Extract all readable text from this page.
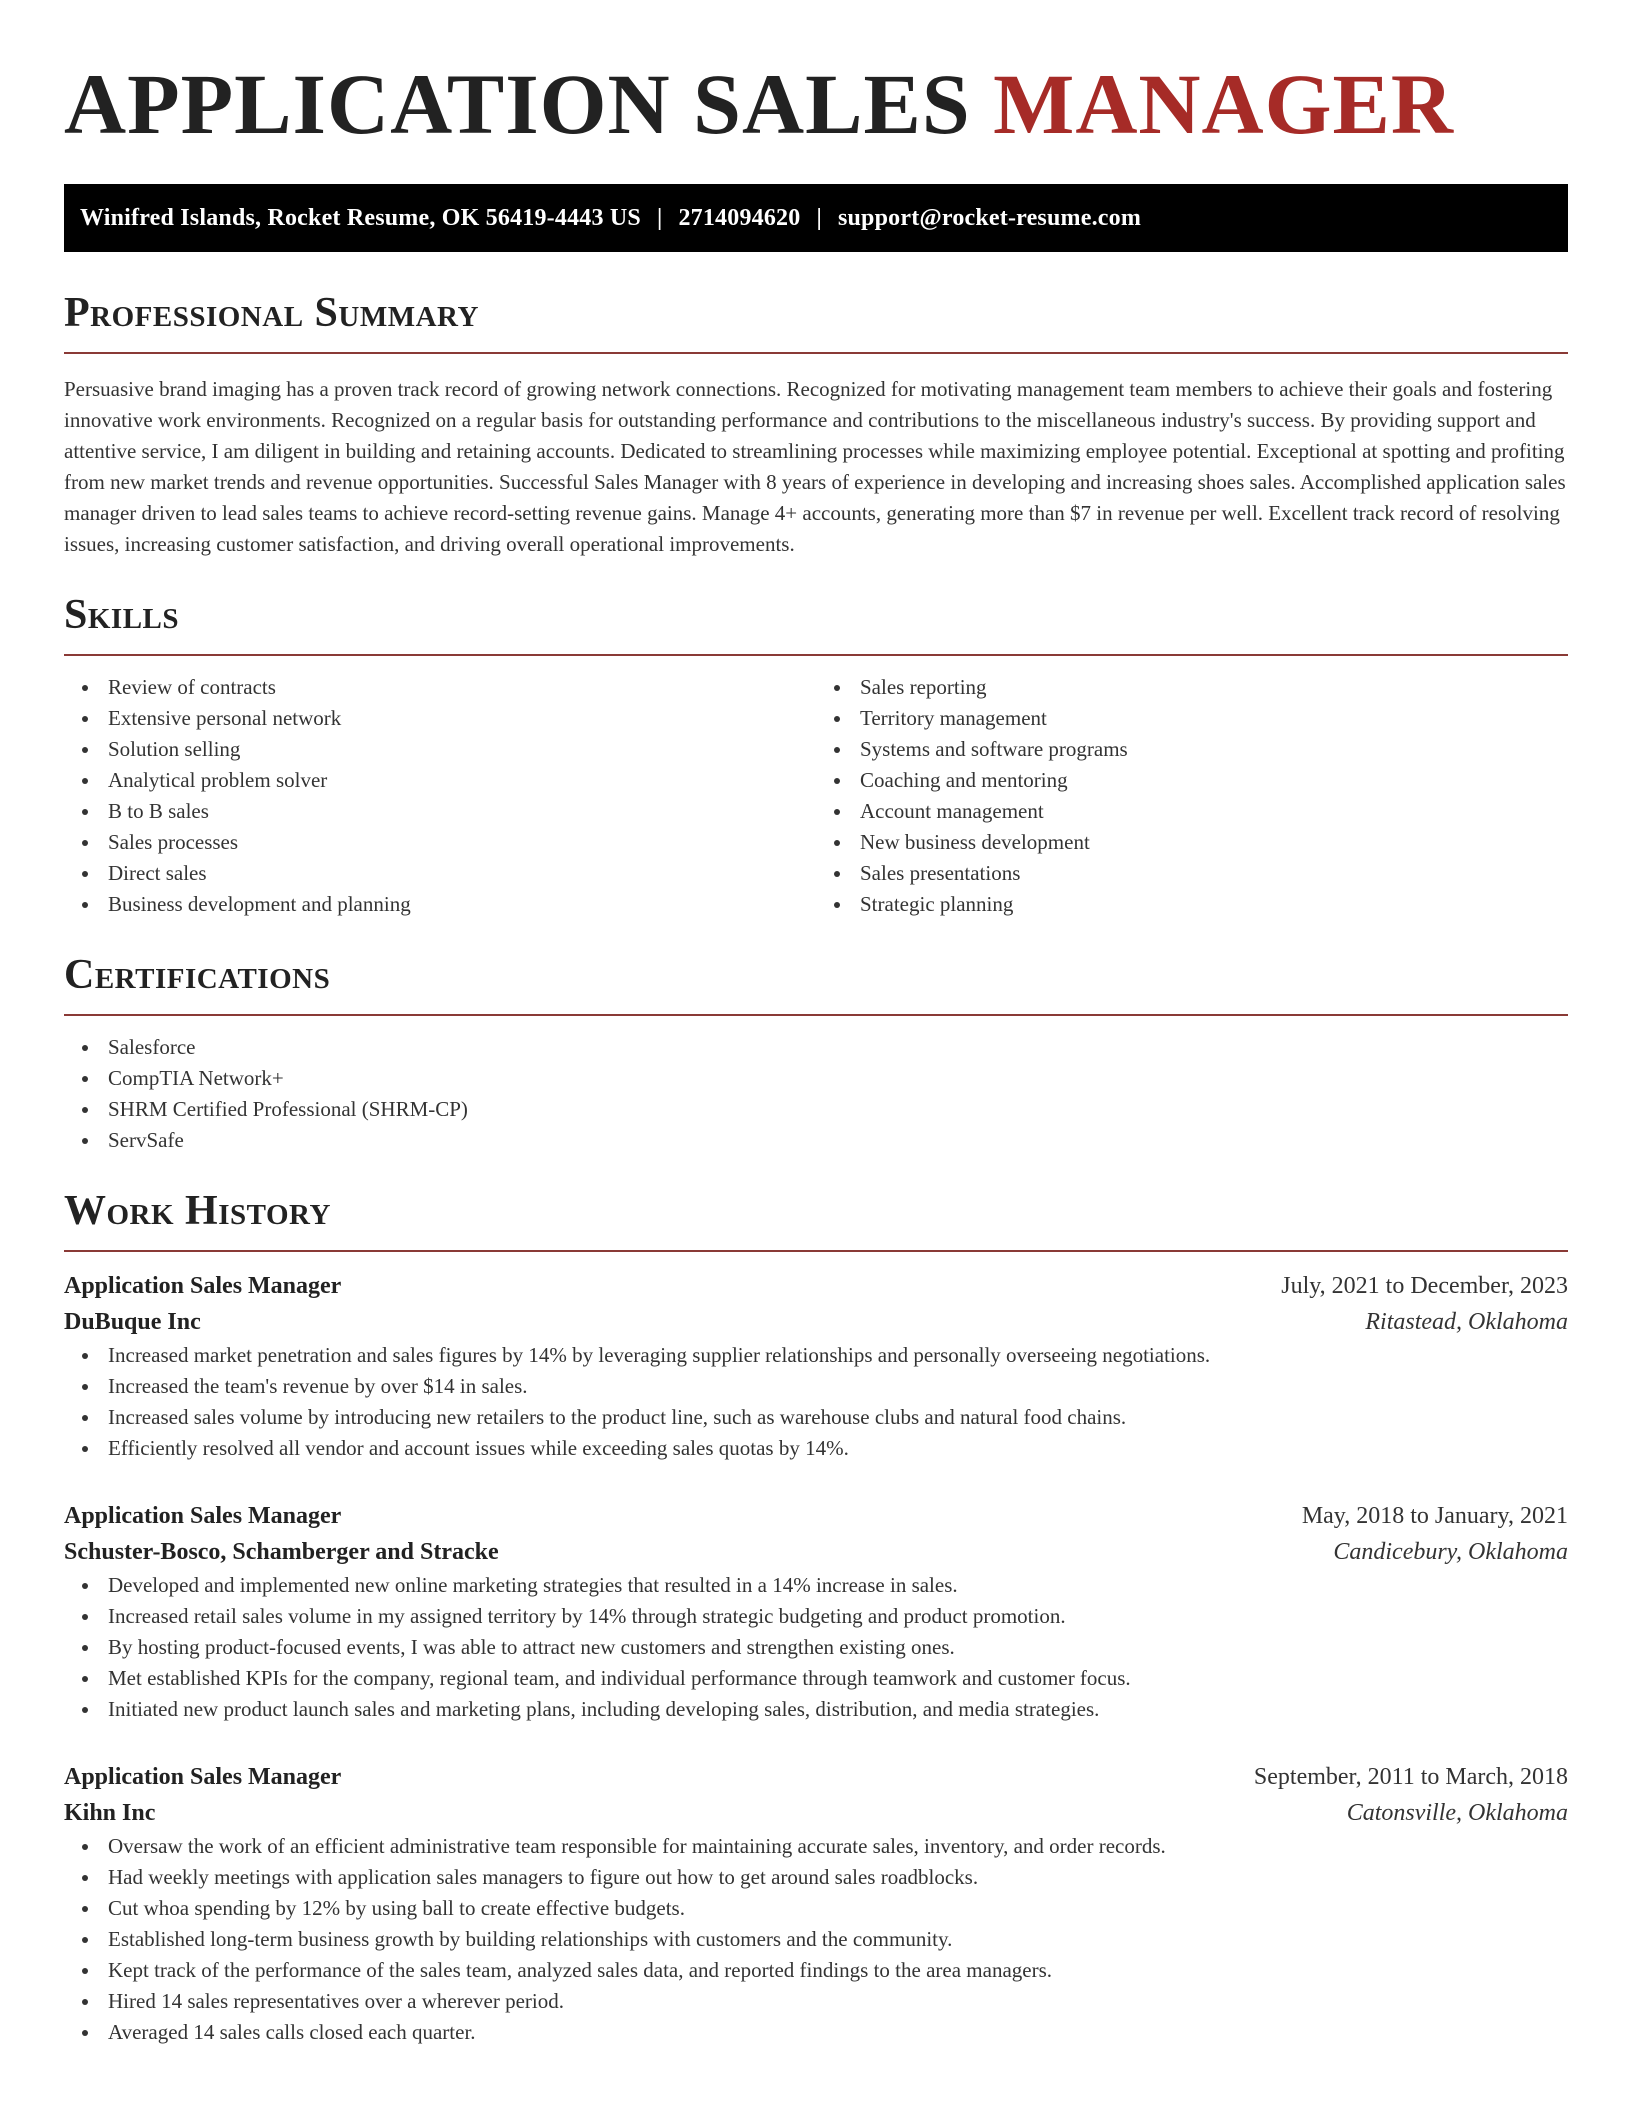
APPLICATION SALES MANAGER
Winifred Islands, Rocket Resume, OK 56419-4443 US | 2714094620 | support@rocket-resume.com
Professional Summary

Persuasive brand imaging has a proven track record of growing network connections. Recognized for motivating management team members to achieve their goals and fostering innovative work environments. Recognized on a regular basis for outstanding performance and contributions to the miscellaneous industry's success. By providing support and attentive service, I am diligent in building and retaining accounts. Dedicated to streamlining processes while maximizing employee potential. Exceptional at spotting and profiting from new market trends and revenue opportunities. Successful Sales Manager with 8 years of experience in developing and increasing shoes sales. Accomplished application sales manager driven to lead sales teams to achieve record-setting revenue gains. Manage 4+ accounts, generating more than $7 in revenue per well. Excellent track record of resolving issues, increasing customer satisfaction, and driving overall operational improvements.

Skills
Review of contracts
Extensive personal network
Solution selling
Analytical problem solver
B to B sales
Sales processes
Direct sales
Business development and planning
Sales reporting
Territory management
Systems and software programs
Coaching and mentoring
Account management
New business development
Sales presentations
Strategic planning
Certifications
Salesforce
CompTIA Network+
SHRM Certified Professional (SHRM-CP)
ServSafe
Work History
Application Sales Manager	July, 2021 to December, 2023
DuBuque Inc	Ritastead, Oklahoma
Increased market penetration and sales figures by 14% by leveraging supplier relationships and personally overseeing negotiations.
Increased the team's revenue by over $14 in sales.
Increased sales volume by introducing new retailers to the product line, such as warehouse clubs and natural food chains.
Efficiently resolved all vendor and account issues while exceeding sales quotas by 14%.
Application Sales Manager	May, 2018 to January, 2021
Schuster-Bosco, Schamberger and Stracke	Candicebury, Oklahoma
Developed and implemented new online marketing strategies that resulted in a 14% increase in sales.
Increased retail sales volume in my assigned territory by 14% through strategic budgeting and product promotion.
By hosting product-focused events, I was able to attract new customers and strengthen existing ones.
Met established KPIs for the company, regional team, and individual performance through teamwork and customer focus.
Initiated new product launch sales and marketing plans, including developing sales, distribution, and media strategies.
Application Sales Manager	September, 2011 to March, 2018
Kihn Inc	Catonsville, Oklahoma
Oversaw the work of an efficient administrative team responsible for maintaining accurate sales, inventory, and order records.
Had weekly meetings with application sales managers to figure out how to get around sales roadblocks.
Cut whoa spending by 12% by using ball to create effective budgets.
Established long-term business growth by building relationships with customers and the community.
Kept track of the performance of the sales team, analyzed sales data, and reported findings to the area managers.
Hired 14 sales representatives over a wherever period.
Averaged 14 sales calls closed each quarter.
